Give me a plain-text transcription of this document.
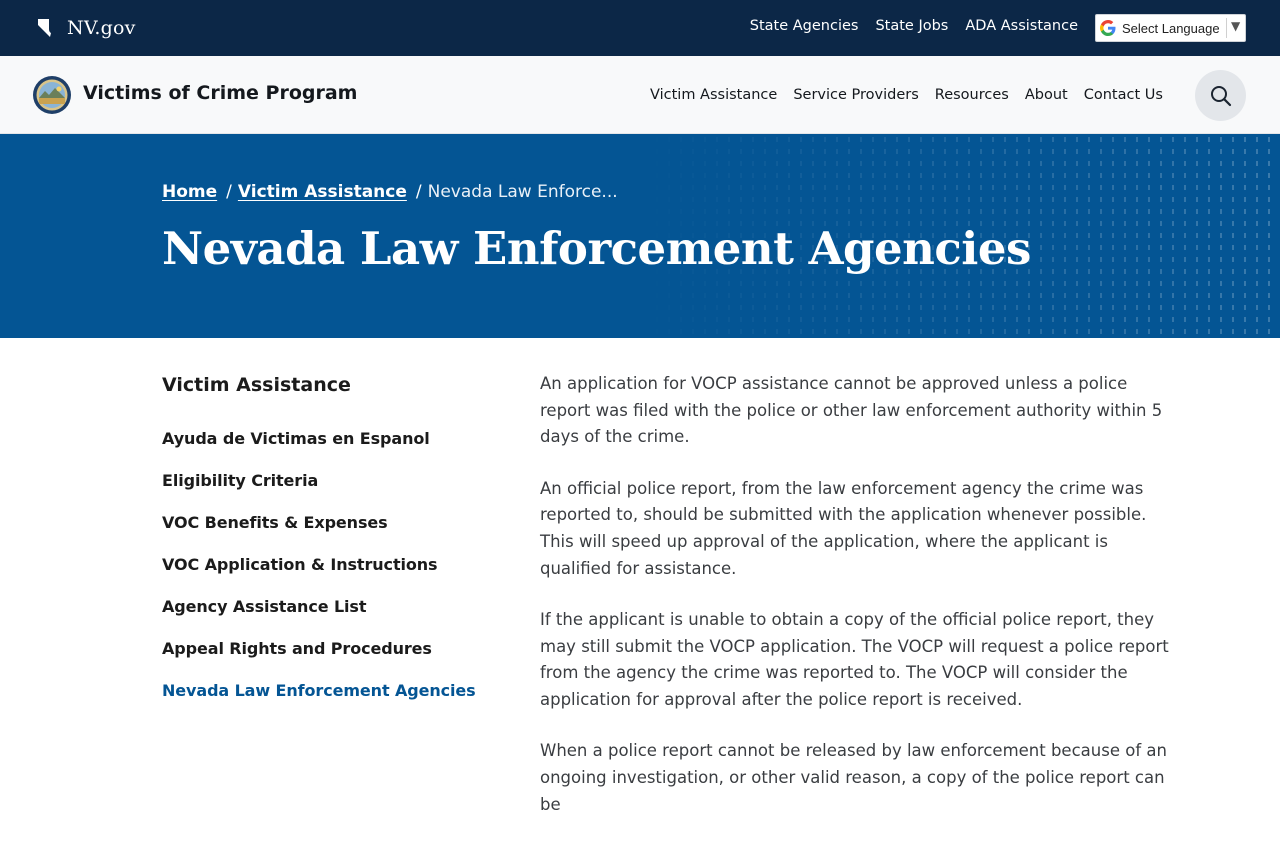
NV.gov	State Agencies State Jobs ADA Assistance	Select Language ▼
Victims of Crime Program	Victim Assistance Service Providers Resources About Contact Us
Home / Victim Assistance / Nevada Law Enforce...
Nevada Law Enforcement Agencies
Victim Assistance
Ayuda de Victimas en Espanol
Eligibility Criteria
VOC Benefits & Expenses
VOC Application & Instructions
Agency Assistance List
Appeal Rights and Procedures
Nevada Law Enforcement Agencies

An application for VOCP assistance cannot be approved unless a police report was filed with the police or other law enforcement authority within 5 days of the crime.

An official police report, from the law enforcement agency the crime was reported to, should be submitted with the application whenever possible. This will speed up approval of the application, where the applicant is qualified for assistance.

If the applicant is unable to obtain a copy of the official police report, they may still submit the VOCP application. The VOCP will request a police report from the agency the crime was reported to. The VOCP will consider the application for approval after the police report is received.

When a police report cannot be released by law enforcement because of an ongoing investigation, or other valid reason, a copy of the police report can be
